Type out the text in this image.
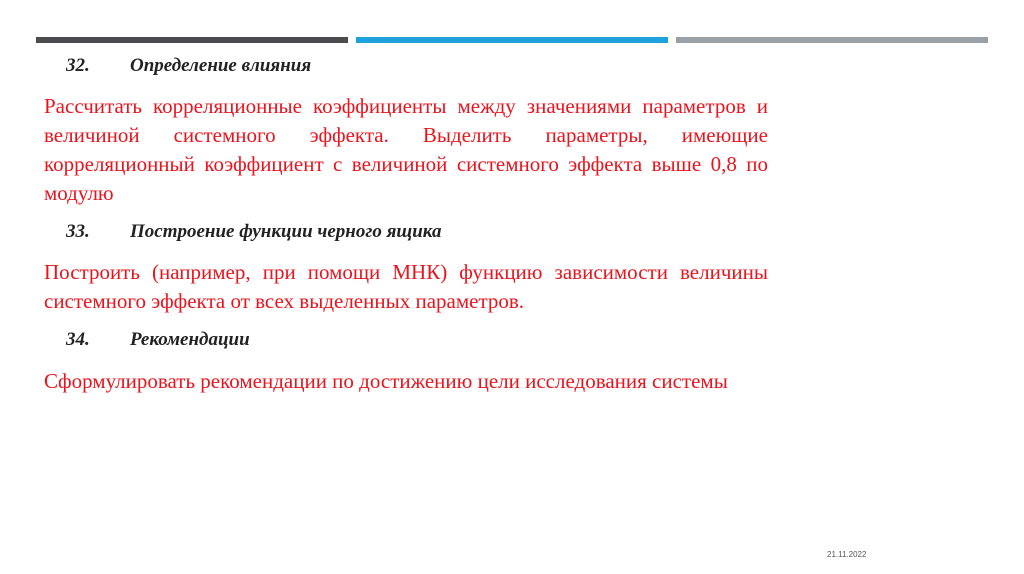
32.	Определение влияния

Рассчитать корреляционные коэффициенты между значениями параметров и величиной системного эффекта. Выделить параметры, имеющие корреляционный коэффициент с величиной системного эффекта выше 0,8 по модулю

33.	Построение функции черного ящика

Построить (например, при помощи МНК) функцию зависимости величины системного эффекта от всех выделенных параметров.

34.	Рекомендации

Сформулировать рекомендации по достижению цели исследования системы

21.11.2022
